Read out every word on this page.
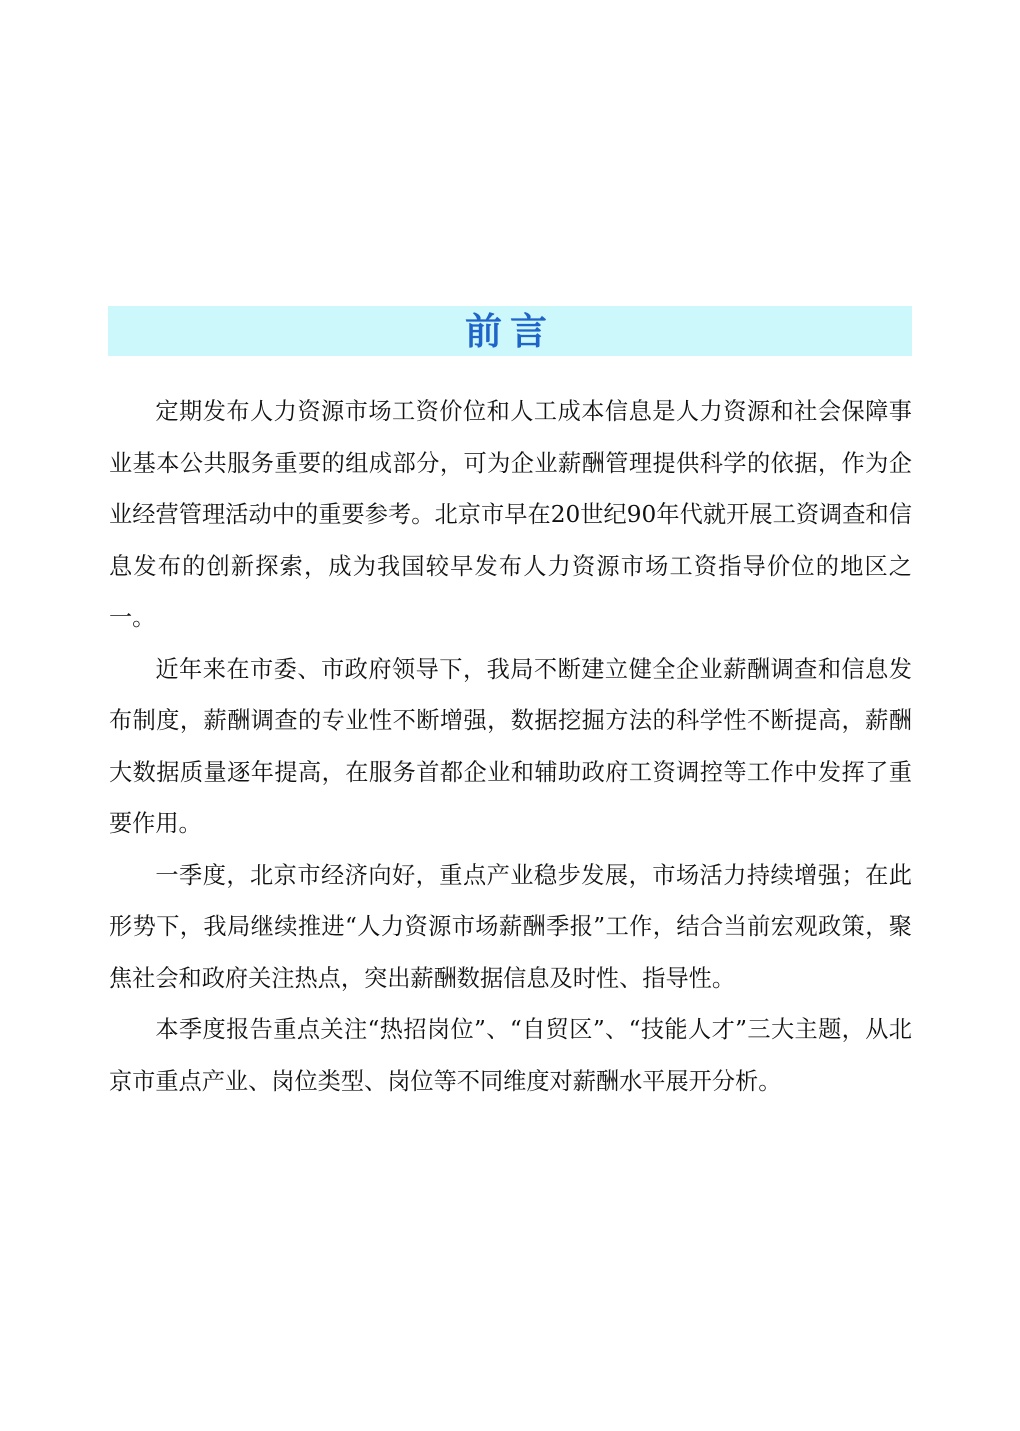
前言

定期发布人力资源市场工资价位和人工成本信息是人力资源和社会保障事业基本公共服务重要的组成部分，可为企业薪酬管理提供科学的依据，作为企业经营管理活动中的重要参考。北京市早在20世纪90年代就开展工资调查和信息发布的创新探索，成为我国较早发布人力资源市场工资指导价位的地区之一。

近年来在市委、市政府领导下，我局不断建立健全企业薪酬调查和信息发布制度，薪酬调查的专业性不断增强，数据挖掘方法的科学性不断提高，薪酬大数据质量逐年提高，在服务首都企业和辅助政府工资调控等工作中发挥了重要作用。

一季度，北京市经济向好，重点产业稳步发展，市场活力持续增强；在此形势下，我局继续推进“人力资源市场薪酬季报”工作，结合当前宏观政策，聚焦社会和政府关注热点，突出薪酬数据信息及时性、指导性。

本季度报告重点关注“热招岗位”、“自贸区”、“技能人才”三大主题，从北京市重点产业、岗位类型、岗位等不同维度对薪酬水平展开分析。
